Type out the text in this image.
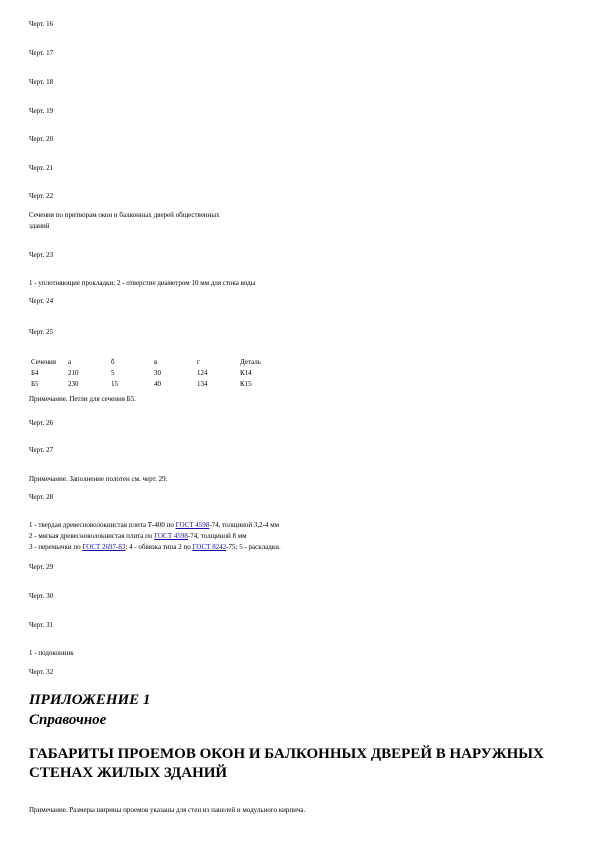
Черт. 16
Черт. 17
Черт. 18
Черт. 19
Черт. 20
Черт. 21
Черт. 22
Сечения по притворам окон и балконных дверей общественных
зданий
Черт. 23
1 - уплотняющие прокладки; 2 - отверстие диаметром 10 мм для стока воды
Черт. 24
Черт. 25
Сечения	а	б	в	г	Деталь
Б4	210	5	30	124	К14
Б5	230	15	40	134	К15
Примечание. Петли для сечения Б5.
Черт. 26
Черт. 27
Примечание. Заполнение полотен см. черт. 29.
Черт. 28
1 - твердая древесноволокнистая плита Т-400 по ГОСТ 4598-74, толщиной 3,2-4 мм
2 - мягкая древесноволокнистая плита по ГОСТ 4598-74, толщиной 8 мм
3 - перемычки по ГОСТ 2697-83; 4 - обвязка типа 2 по ГОСТ 8242-75; 5 - раскладки.
Черт. 29
Черт. 30
Черт. 31
1 - подоконник
Черт. 32
ПРИЛОЖЕНИЕ 1
Справочное
ГАБАРИТЫ ПРОЕМОВ ОКОН И БАЛКОННЫХ ДВЕРЕЙ В НАРУЖНЫХ СТЕНАХ ЖИЛЫХ ЗДАНИЙ
Примечание. Размеры ширины проемов указаны для стен из панелей и модульного кирпича.
